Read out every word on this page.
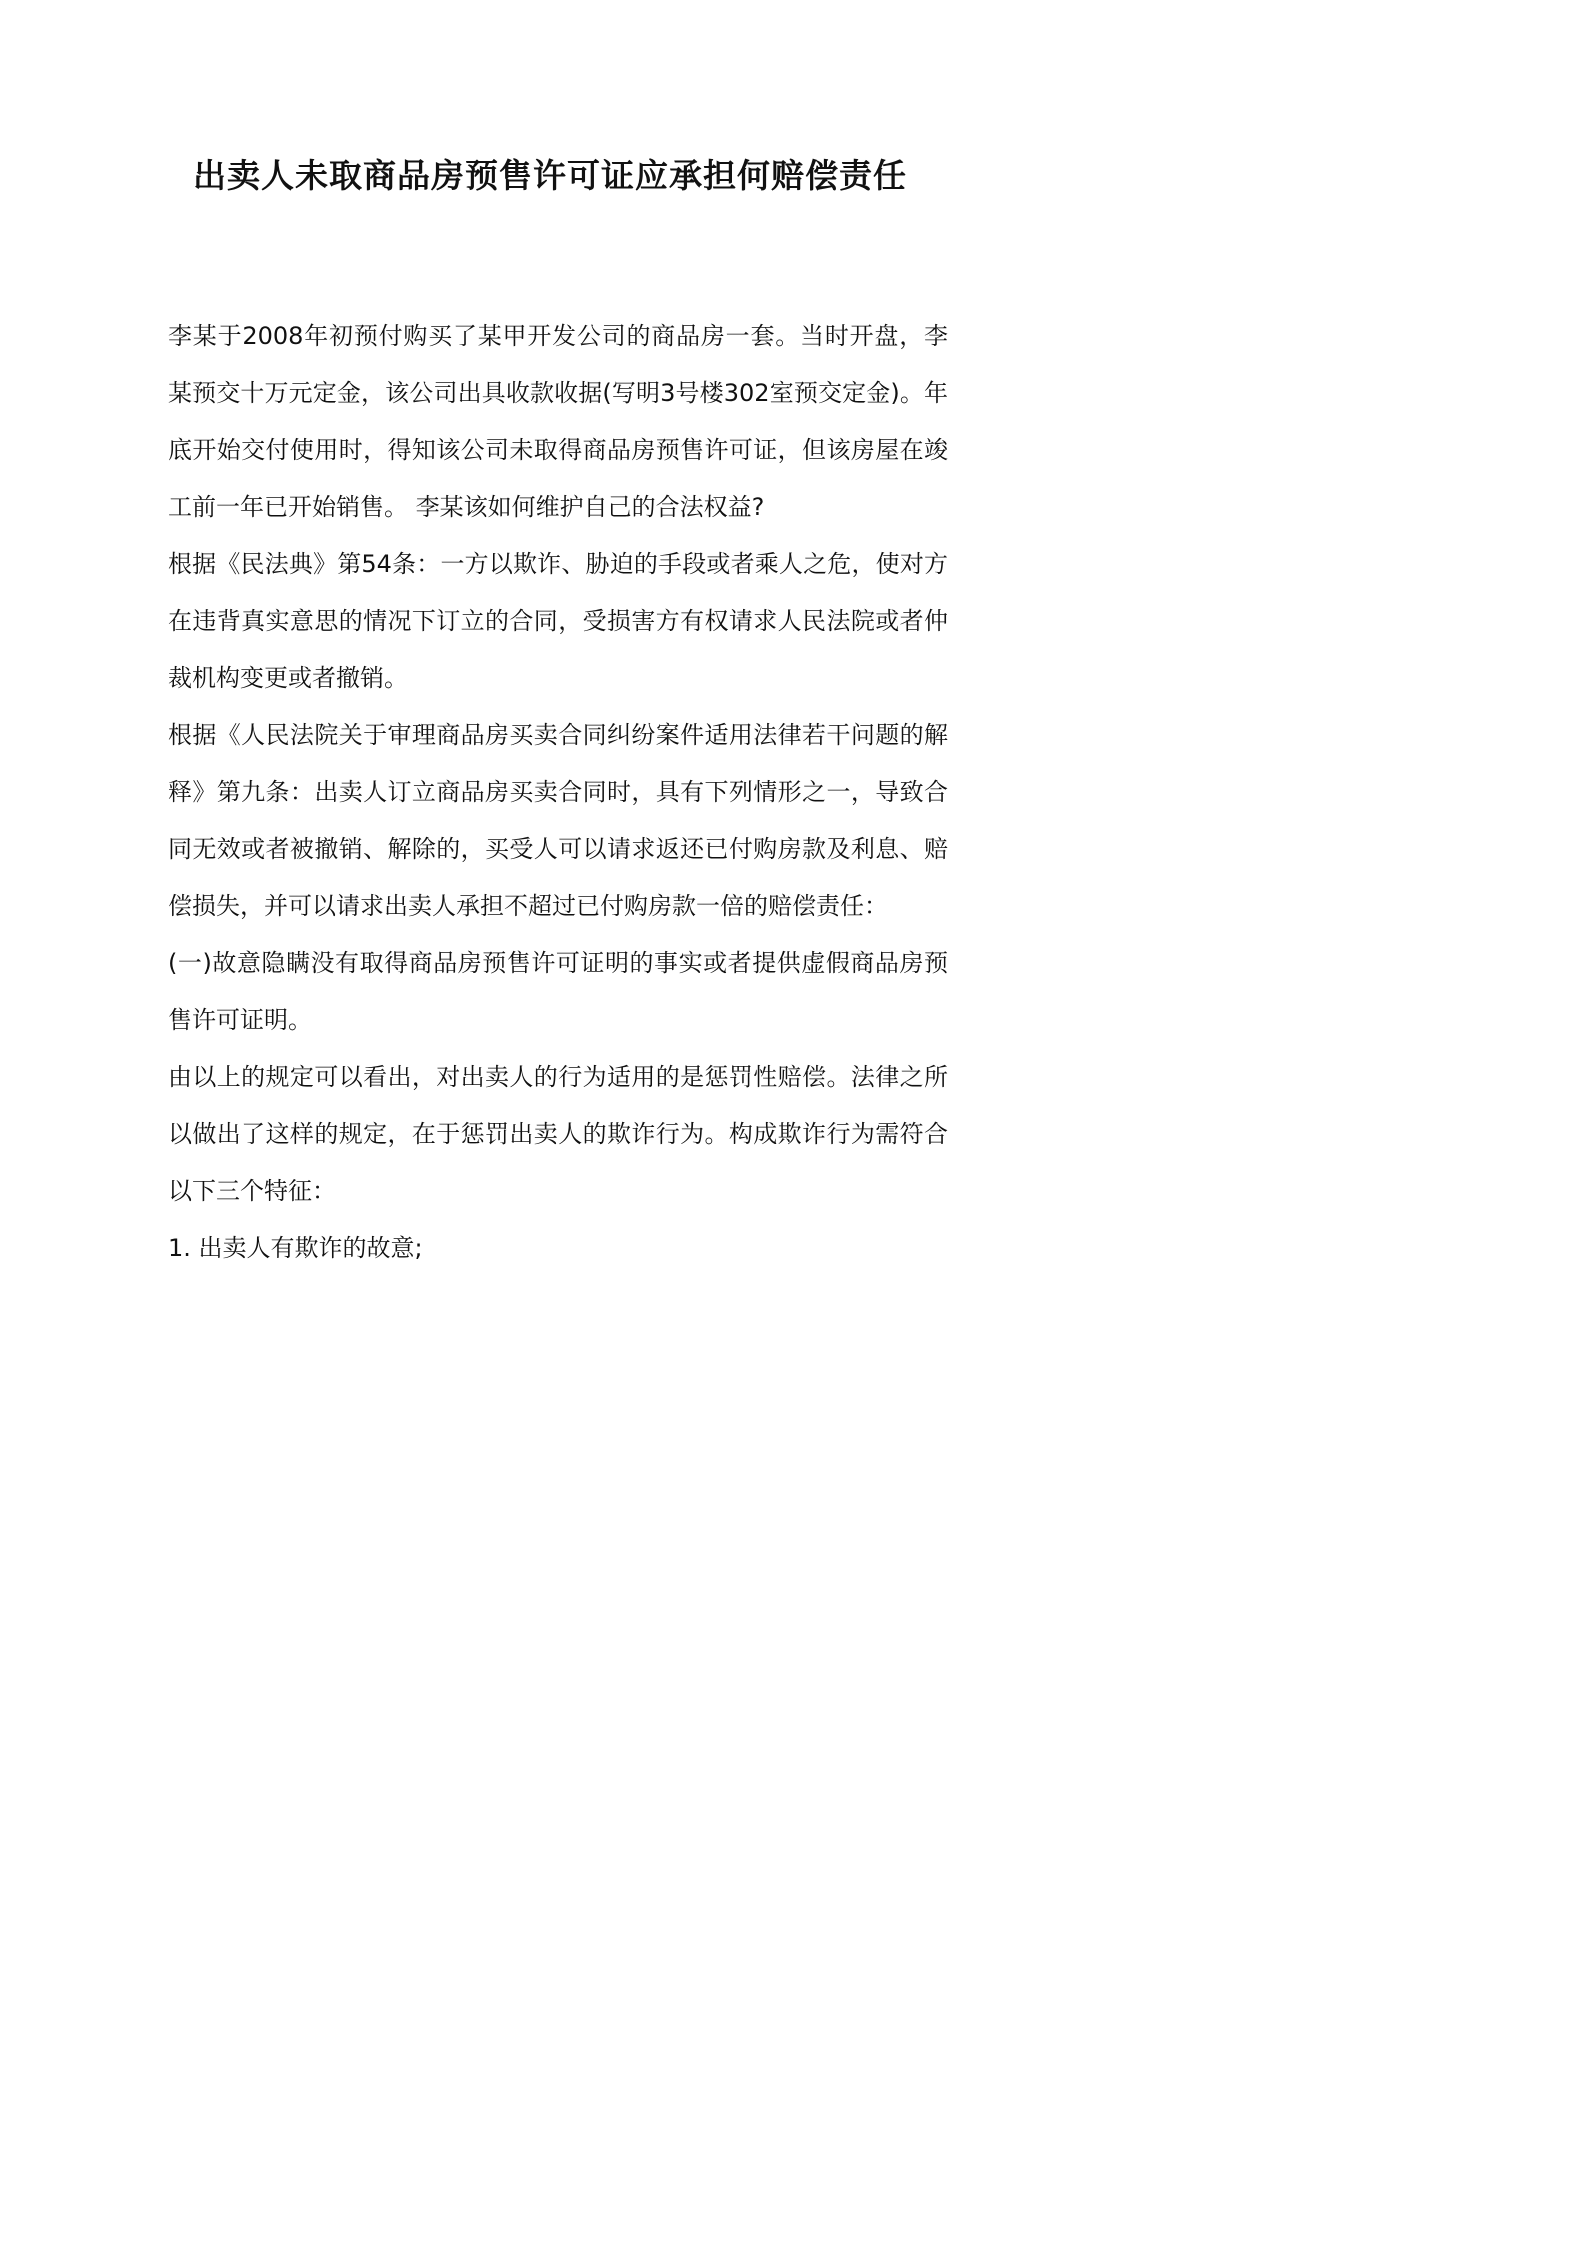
出卖人未取商品房预售许可证应承担何赔偿责任

李某于2008年初预付购买了某甲开发公司的商品房一套。当时开盘，李某预交十万元定金，该公司出具收款收据(写明3号楼302室预交定金)。年底开始交付使用时，得知该公司未取得商品房预售许可证，但该房屋在竣工前一年已开始销售。 李某该如何维护自己的合法权益?

根据《民法典》第54条：一方以欺诈、胁迫的手段或者乘人之危，使对方在违背真实意思的情况下订立的合同，受损害方有权请求人民法院或者仲裁机构变更或者撤销。

根据《人民法院关于审理商品房买卖合同纠纷案件适用法律若干问题的解释》第九条：出卖人订立商品房买卖合同时，具有下列情形之一，导致合同无效或者被撤销、解除的，买受人可以请求返还已付购房款及利息、赔偿损失，并可以请求出卖人承担不超过已付购房款一倍的赔偿责任：

(一)故意隐瞒没有取得商品房预售许可证明的事实或者提供虚假商品房预售许可证明。

由以上的规定可以看出，对出卖人的行为适用的是惩罚性赔偿。法律之所以做出了这样的规定，在于惩罚出卖人的欺诈行为。构成欺诈行为需符合以下三个特征：

1. 出卖人有欺诈的故意;
